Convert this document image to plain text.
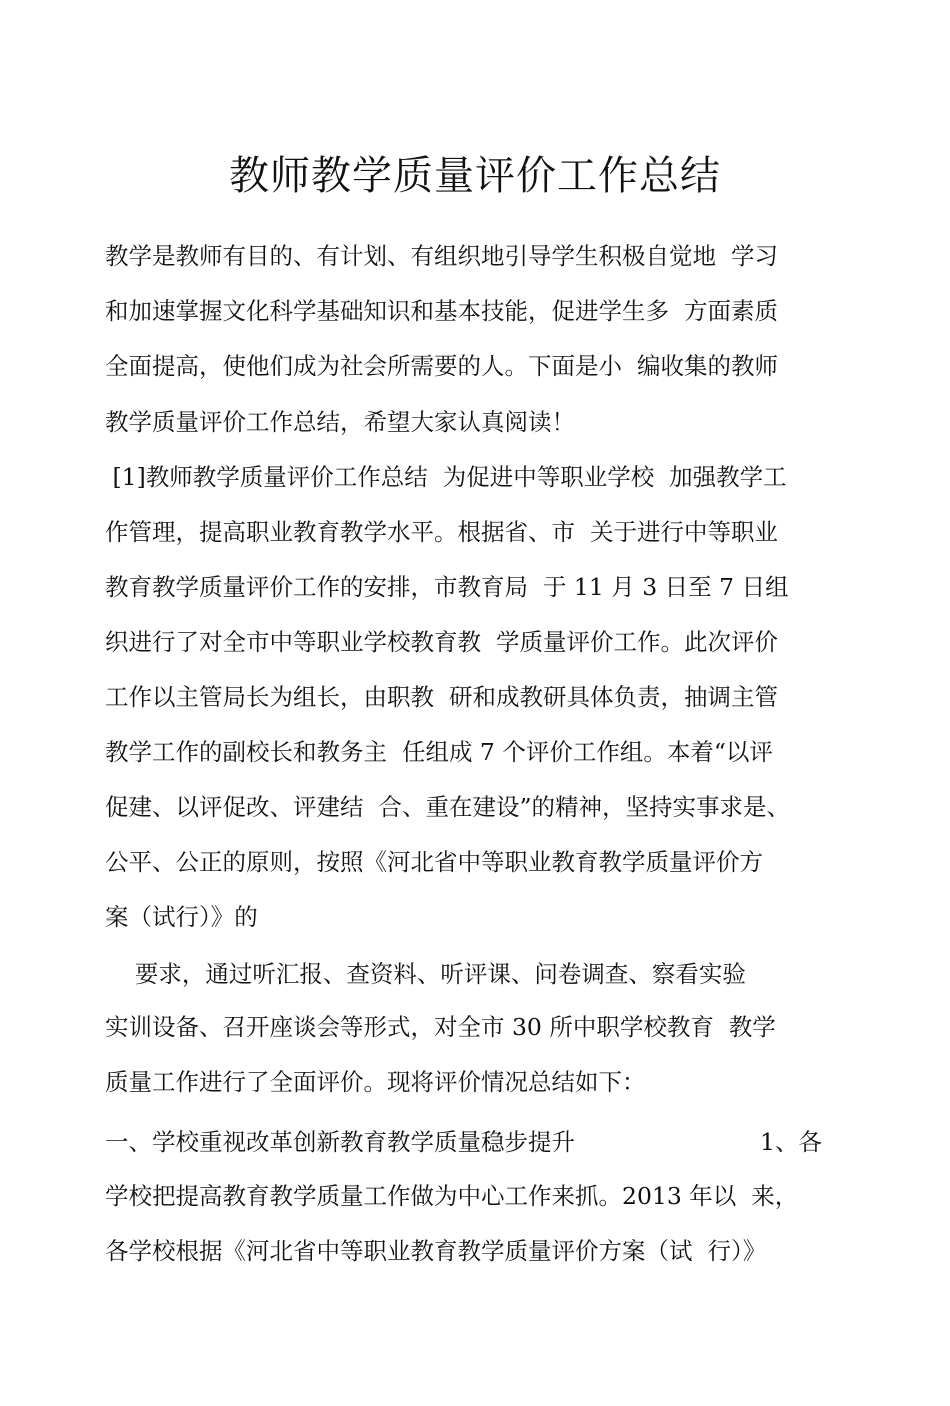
教师教学质量评价工作总结
教学是教师有目的、有计划、有组织地引导学生积极自觉地  学习
和加速掌握文化科学基础知识和基本技能，促进学生多  方面素质
全面提高，使他们成为社会所需要的人。下面是小  编收集的教师
教学质量评价工作总结，希望大家认真阅读！
[1]教师教学质量评价工作总结  为促进中等职业学校  加强教学工
作管理，提高职业教育教学水平。根据省、市  关于进行中等职业
教育教学质量评价工作的安排，市教育局  于 11 月 3 日至 7 日组
织进行了对全市中等职业学校教育教  学质量评价工作。此次评价
工作以主管局长为组长，由职教  研和成教研具体负责，抽调主管
教学工作的副校长和教务主  任组成 7 个评价工作组。本着“以评
促建、以评促改、评建结  合、重在建设”的精神，坚持实事求是、
公平、公正的原则，按照《河北省中等职业教育教学质量评价方
案（试行）》的
要求，通过听汇报、查资料、听评课、问卷调查、察看实验
实训设备、召开座谈会等形式，对全市 30 所中职学校教育  教学
质量工作进行了全面评价。现将评价情况总结如下：
一、学校重视改革创新教育教学质量稳步提升	1、各
学校把提高教育教学质量工作做为中心工作来抓。2013 年以  来，
各学校根据《河北省中等职业教育教学质量评价方案（试  行）》
